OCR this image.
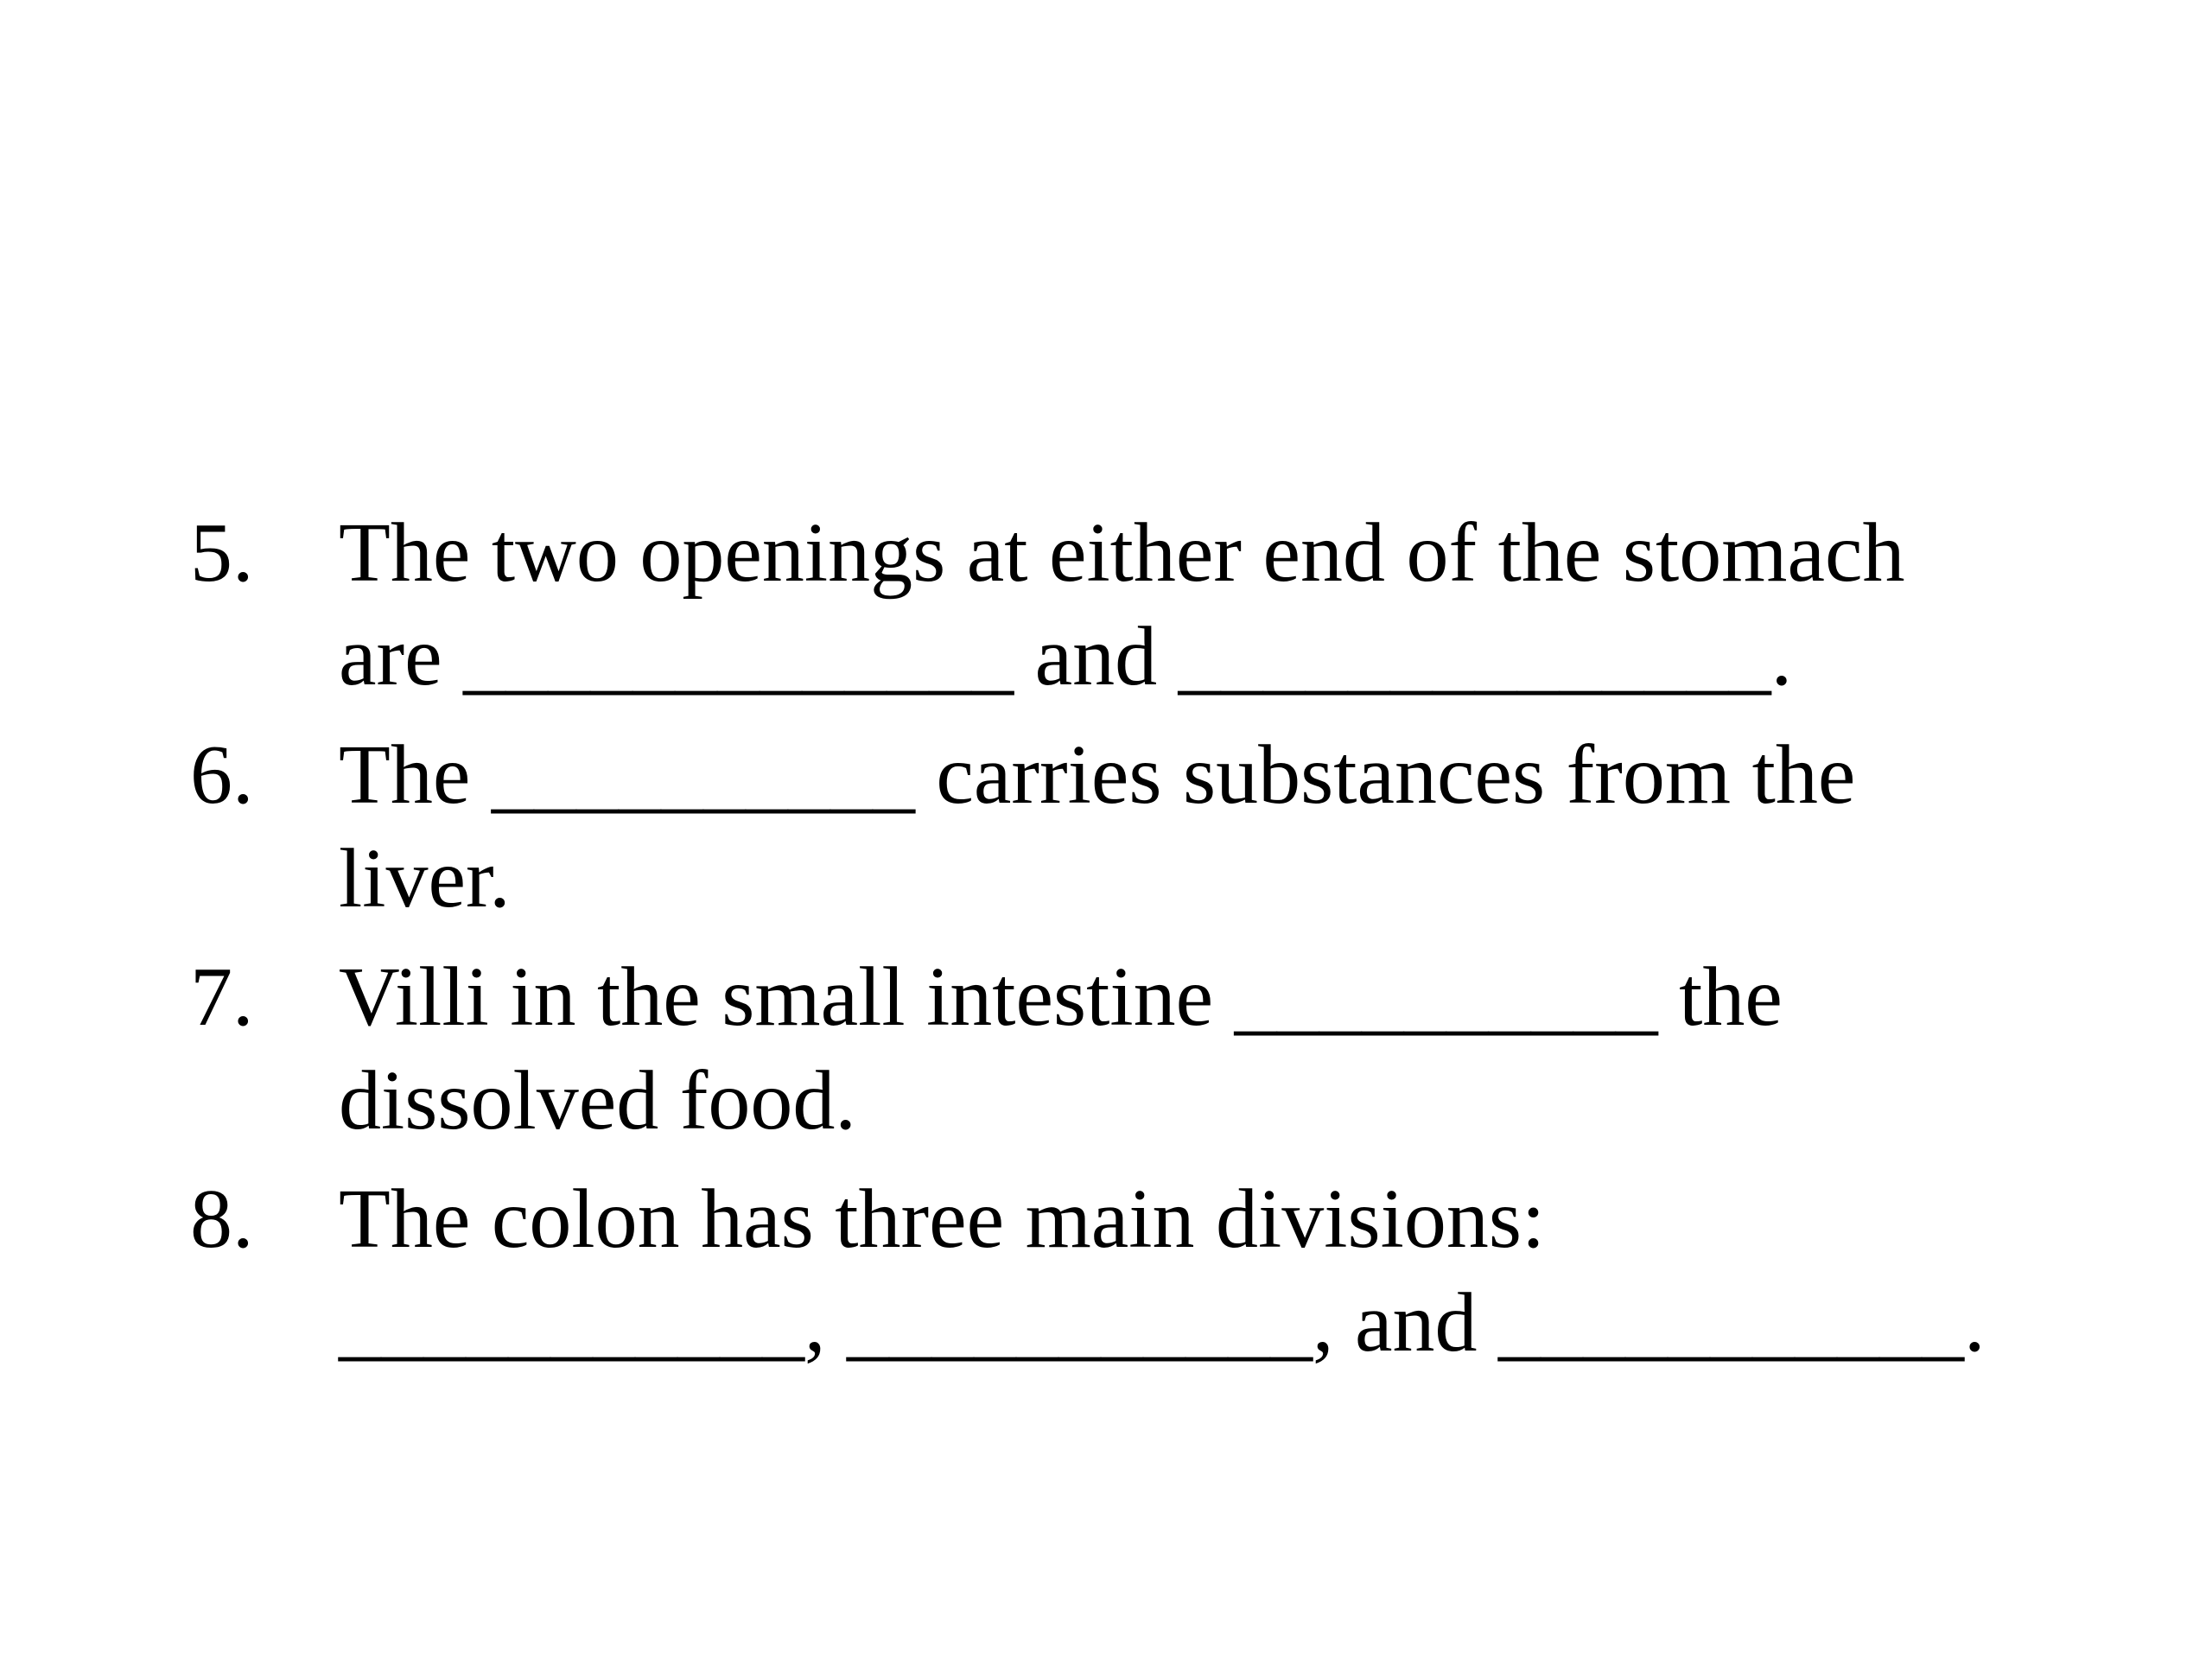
5.	The two openings at either end of the stomach
are _____________ and ______________.
6.	The __________ carries substances from the
liver.
7.	Villi in the small intestine __________ the
dissolved food.
8.	The colon has three main divisions:
___________, ___________, and ___________.
